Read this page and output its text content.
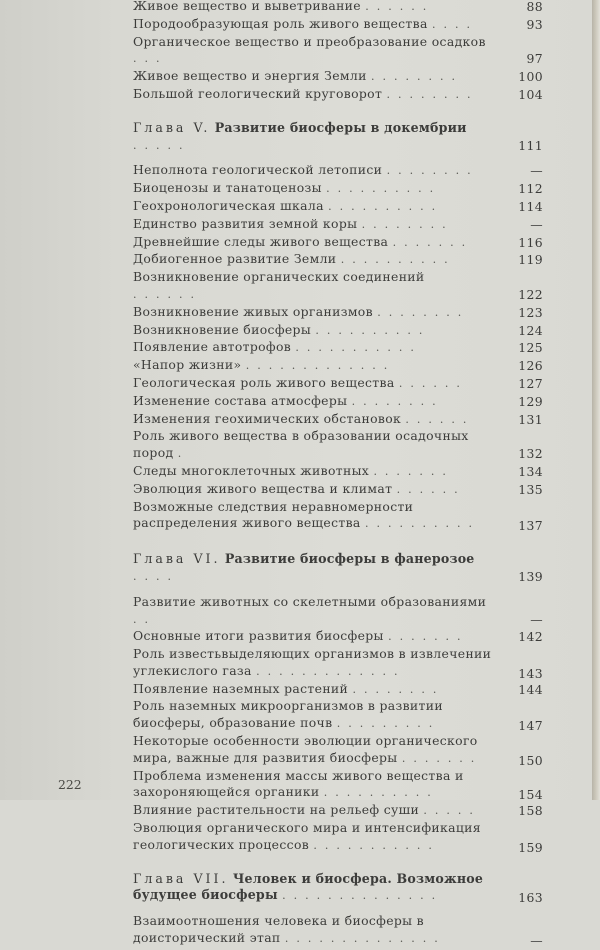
Живое вещество и выветривание ......	88
Породообразующая роль живого вещества ....	93
Органическое вещество и преобразование осадков ...	97
Живое вещество и энергия Земли ........	100
Большой геологический круговорот ........	104
Глава V. Развитие биосферы в докембрии .....	111
Неполнота геологической летописи ........	—
Биоценозы и танатоценозы ..........	112
Геохронологическая шкала ..........	114
Единство развития земной коры ........	—
Древнейшие следы живого вещества .......	116
Добиогенное развитие Земли ..........	119
Возникновение органических соединений ......	122
Возникновение живых организмов ........	123
Возникновение биосферы ..........	124
Появление автотрофов ...........	125
«Напор жизни» .............	126
Геологическая роль живого вещества ......	127
Изменение состава атмосферы ........	129
Изменения геохимических обстановок ......	131
Роль живого вещества в образовании осадочных пород .	132
Следы многоклеточных животных .......	134
Эволюция живого вещества и климат ......	135
Возможные следствия неравномерности распределения живого вещества ..........	137
Глава VI. Развитие биосферы в фанерозое ....	139
Развитие животных со скелетными образованиями ..	—
Основные итоги развития биосферы .......	142
Роль известьвыделяющих организмов в извлечении углекислого газа .............	143
Появление наземных растений ........	144
Роль наземных микроорганизмов в развитии биосферы, образование почв .........	147
Некоторые особенности эволюции органического мира, важные для развития биосферы .......	150
Проблема изменения массы живого вещества и захороняющейся органики ..........	154
Влияние растительности на рельеф суши .....	158
Эволюция органического мира и интенсификация геологических процессов ...........	159
Глава VII. Человек и биосфера. Возможное будущее биосферы ..............	163
Взаимоотношения человека и биосферы в доисторический этап ..............	—
222
